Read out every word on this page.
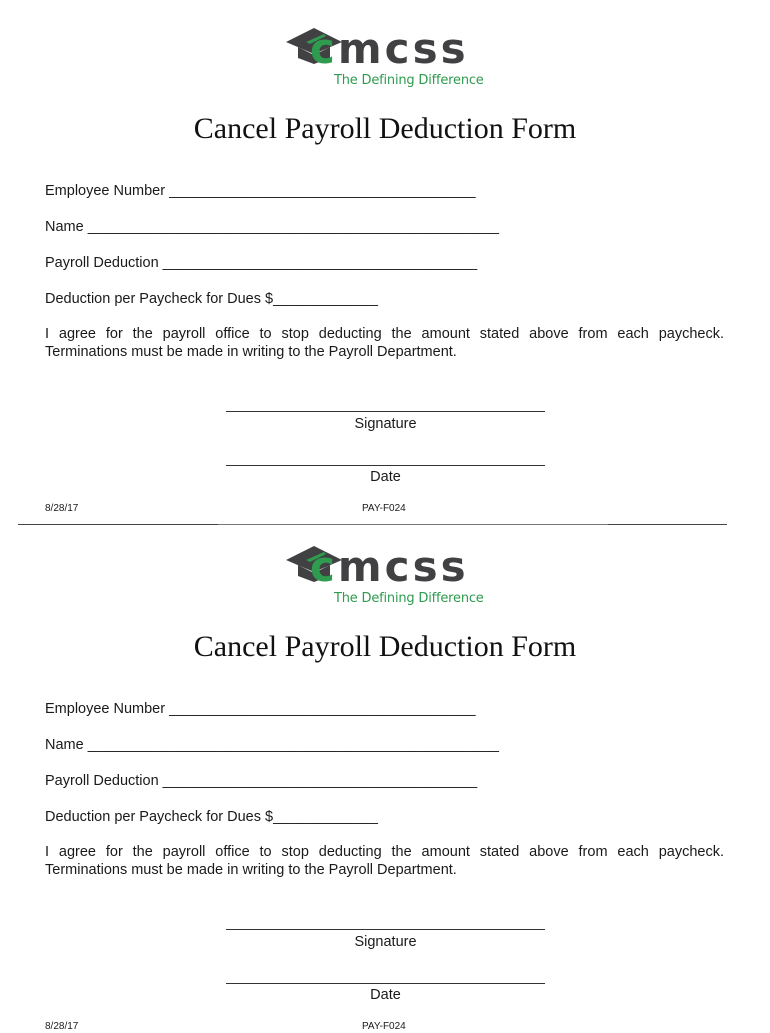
cmcss
The Defining Difference
Cancel Payroll Deduction Form
Employee Number ______________________________________
Name ___________________________________________________
Payroll Deduction _______________________________________
Deduction per Paycheck for Dues $_____________
I agree for the payroll office to stop deducting the amount stated above from each paycheck.
Terminations must be made in writing to the Payroll Department.
Signature
Date
8/28/17	PAY-F024
cmcss
The Defining Difference
Cancel Payroll Deduction Form
Employee Number ______________________________________
Name ___________________________________________________
Payroll Deduction _______________________________________
Deduction per Paycheck for Dues $_____________
I agree for the payroll office to stop deducting the amount stated above from each paycheck.
Terminations must be made in writing to the Payroll Department.
Signature
Date
8/28/17	PAY-F024
